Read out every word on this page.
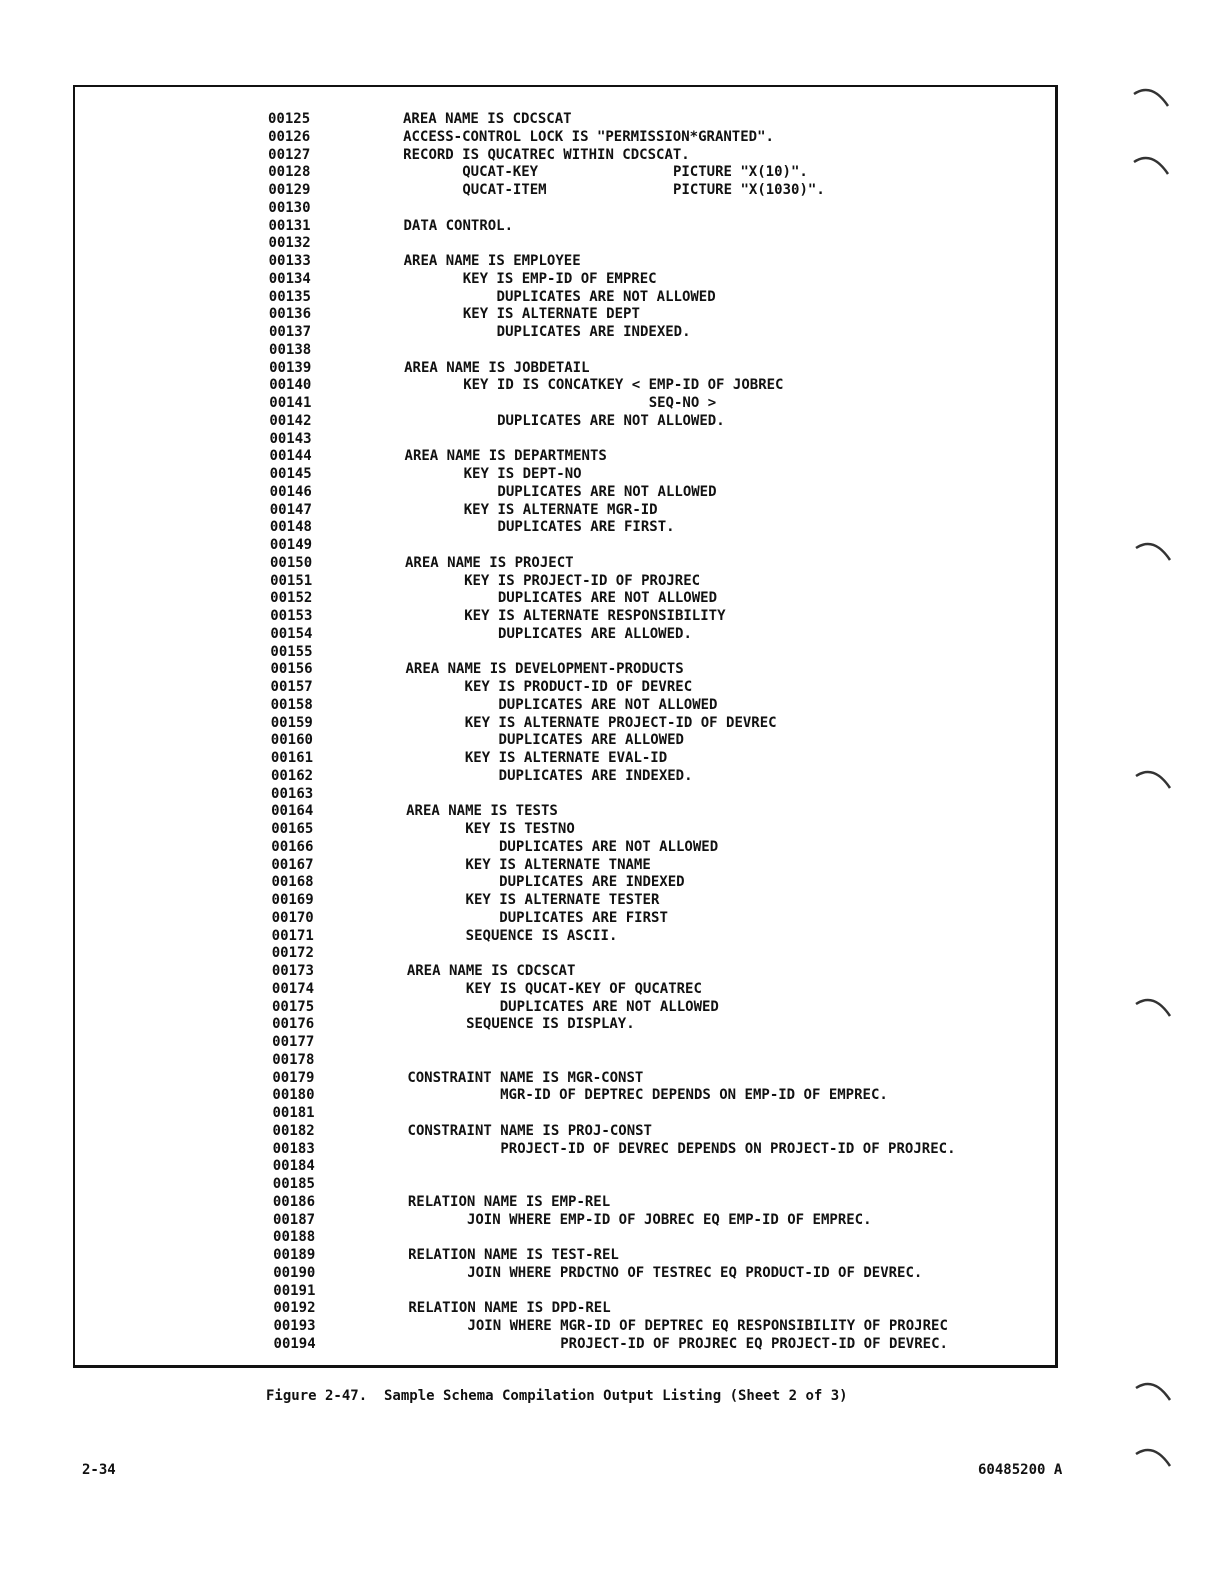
00125	AREA NAME IS CDCSCAT
00126	ACCESS-CONTROL LOCK IS "PERMISSION*GRANTED".
00127	RECORD IS QUCATREC WITHIN CDCSCAT.
00128	QUCAT-KEY                PICTURE "X(10)".
00129	QUCAT-ITEM               PICTURE "X(1030)".
00130
00131	DATA CONTROL.
00132
00133	AREA NAME IS EMPLOYEE
00134	KEY IS EMP-ID OF EMPREC
00135	DUPLICATES ARE NOT ALLOWED
00136	KEY IS ALTERNATE DEPT
00137	DUPLICATES ARE INDEXED.
00138
00139	AREA NAME IS JOBDETAIL
00140	KEY ID IS CONCATKEY < EMP-ID OF JOBREC
00141	SEQ-NO >
00142	DUPLICATES ARE NOT ALLOWED.
00143
00144	AREA NAME IS DEPARTMENTS
00145	KEY IS DEPT-NO
00146	DUPLICATES ARE NOT ALLOWED
00147	KEY IS ALTERNATE MGR-ID
00148	DUPLICATES ARE FIRST.
00149
00150	AREA NAME IS PROJECT
00151	KEY IS PROJECT-ID OF PROJREC
00152	DUPLICATES ARE NOT ALLOWED
00153	KEY IS ALTERNATE RESPONSIBILITY
00154	DUPLICATES ARE ALLOWED.
00155
00156	AREA NAME IS DEVELOPMENT-PRODUCTS
00157	KEY IS PRODUCT-ID OF DEVREC
00158	DUPLICATES ARE NOT ALLOWED
00159	KEY IS ALTERNATE PROJECT-ID OF DEVREC
00160	DUPLICATES ARE ALLOWED
00161	KEY IS ALTERNATE EVAL-ID
00162	DUPLICATES ARE INDEXED.
00163
00164	AREA NAME IS TESTS
00165	KEY IS TESTNO
00166	DUPLICATES ARE NOT ALLOWED
00167	KEY IS ALTERNATE TNAME
00168	DUPLICATES ARE INDEXED
00169	KEY IS ALTERNATE TESTER
00170	DUPLICATES ARE FIRST
00171	SEQUENCE IS ASCII.
00172
00173	AREA NAME IS CDCSCAT
00174	KEY IS QUCAT-KEY OF QUCATREC
00175	DUPLICATES ARE NOT ALLOWED
00176	SEQUENCE IS DISPLAY.
00177
00178
00179	CONSTRAINT NAME IS MGR-CONST
00180	MGR-ID OF DEPTREC DEPENDS ON EMP-ID OF EMPREC.
00181
00182	CONSTRAINT NAME IS PROJ-CONST
00183	PROJECT-ID OF DEVREC DEPENDS ON PROJECT-ID OF PROJREC.
00184
00185
00186	RELATION NAME IS EMP-REL
00187	JOIN WHERE EMP-ID OF JOBREC EQ EMP-ID OF EMPREC.
00188
00189	RELATION NAME IS TEST-REL
00190	JOIN WHERE PRDCTNO OF TESTREC EQ PRODUCT-ID OF DEVREC.
00191
00192	RELATION NAME IS DPD-REL
00193	JOIN WHERE MGR-ID OF DEPTREC EQ RESPONSIBILITY OF PROJREC
00194	PROJECT-ID OF PROJREC EQ PROJECT-ID OF DEVREC.
Figure 2-47.  Sample Schema Compilation Output Listing (Sheet 2 of 3)
2-34	60485200 A
